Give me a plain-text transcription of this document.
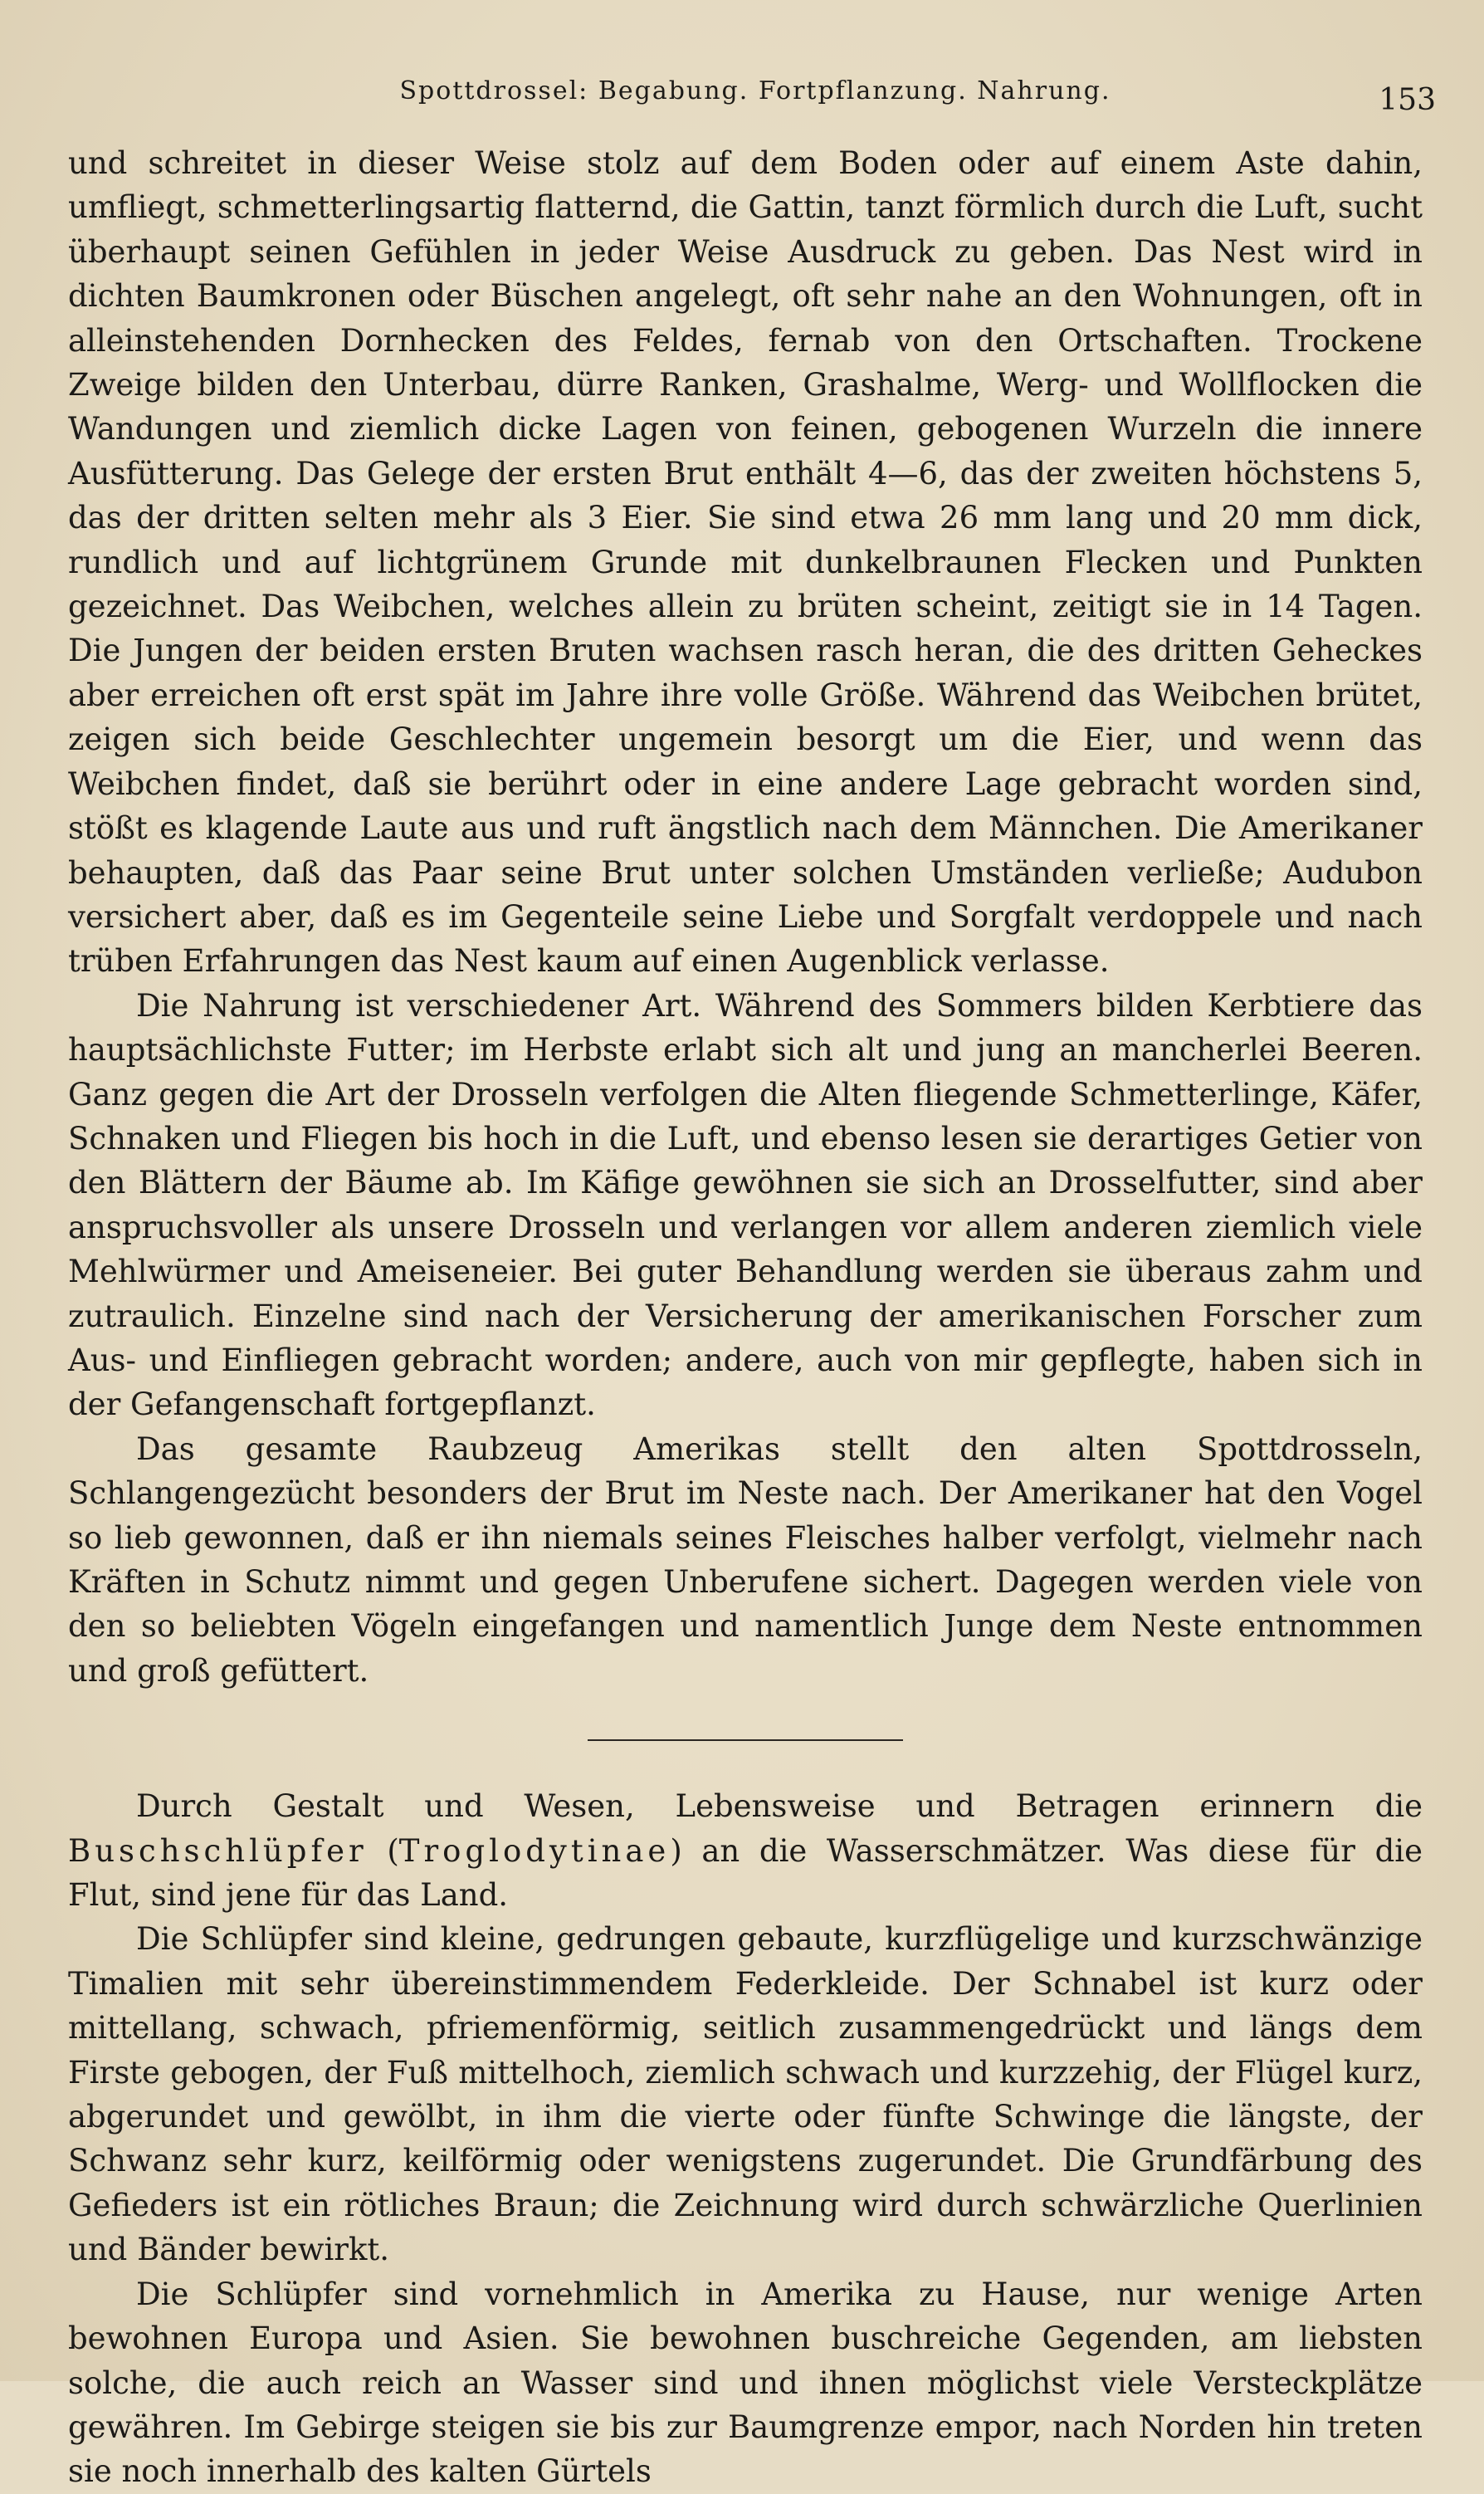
Spottdrossel: Begabung. Fortpflanzung. Nahrung.	153

und schreitet in dieser Weise stolz auf dem Boden oder auf einem Aste dahin, umfliegt, schmetterlingsartig flatternd, die Gattin, tanzt förmlich durch die Luft, sucht überhaupt seinen Gefühlen in jeder Weise Ausdruck zu geben. Das Nest wird in dichten Baumkronen oder Büschen angelegt, oft sehr nahe an den Wohnungen, oft in alleinstehenden Dornhecken des Feldes, fernab von den Ortschaften. Trockene Zweige bilden den Unterbau, dürre Ranken, Grashalme, Werg- und Wollflocken die Wandungen und ziemlich dicke Lagen von feinen, gebogenen Wurzeln die innere Ausfütterung. Das Gelege der ersten Brut enthält 4—6, das der zweiten höchstens 5, das der dritten selten mehr als 3 Eier. Sie sind etwa 26 mm lang und 20 mm dick, rundlich und auf lichtgrünem Grunde mit dunkelbraunen Flecken und Punkten gezeichnet. Das Weibchen, welches allein zu brüten scheint, zeitigt sie in 14 Tagen. Die Jungen der beiden ersten Bruten wachsen rasch heran, die des dritten Geheckes aber erreichen oft erst spät im Jahre ihre volle Größe. Während das Weibchen brütet, zeigen sich beide Geschlechter ungemein besorgt um die Eier, und wenn das Weibchen findet, daß sie berührt oder in eine andere Lage gebracht worden sind, stößt es klagende Laute aus und ruft ängstlich nach dem Männchen. Die Amerikaner behaupten, daß das Paar seine Brut unter solchen Umständen verließe; Audubon versichert aber, daß es im Gegenteile seine Liebe und Sorgfalt verdoppele und nach trüben Erfahrungen das Nest kaum auf einen Augenblick verlasse.

Die Nahrung ist verschiedener Art. Während des Sommers bilden Kerbtiere das hauptsächlichste Futter; im Herbste erlabt sich alt und jung an mancherlei Beeren. Ganz gegen die Art der Drosseln verfolgen die Alten fliegende Schmetterlinge, Käfer, Schnaken und Fliegen bis hoch in die Luft, und ebenso lesen sie derartiges Getier von den Blättern der Bäume ab. Im Käfige gewöhnen sie sich an Drosselfutter, sind aber anspruchsvoller als unsere Drosseln und verlangen vor allem anderen ziemlich viele Mehlwürmer und Ameiseneier. Bei guter Behandlung werden sie überaus zahm und zutraulich. Einzelne sind nach der Versicherung der amerikanischen Forscher zum Aus- und Einfliegen gebracht worden; andere, auch von mir gepflegte, haben sich in der Gefangenschaft fortgepflanzt.

Das gesamte Raubzeug Amerikas stellt den alten Spottdrosseln, Schlangengezücht besonders der Brut im Neste nach. Der Amerikaner hat den Vogel so lieb gewonnen, daß er ihn niemals seines Fleisches halber verfolgt, vielmehr nach Kräften in Schutz nimmt und gegen Unberufene sichert. Dagegen werden viele von den so beliebten Vögeln eingefangen und namentlich Junge dem Neste entnommen und groß gefüttert.

Durch Gestalt und Wesen, Lebensweise und Betragen erinnern die Buschschlüpfer (Troglodytinae) an die Wasserschmätzer. Was diese für die Flut, sind jene für das Land.

Die Schlüpfer sind kleine, gedrungen gebaute, kurzflügelige und kurzschwänzige Timalien mit sehr übereinstimmendem Federkleide. Der Schnabel ist kurz oder mittellang, schwach, pfriemenförmig, seitlich zusammengedrückt und längs dem Firste gebogen, der Fuß mittelhoch, ziemlich schwach und kurzzehig, der Flügel kurz, abgerundet und gewölbt, in ihm die vierte oder fünfte Schwinge die längste, der Schwanz sehr kurz, keilförmig oder wenigstens zugerundet. Die Grundfärbung des Gefieders ist ein rötliches Braun; die Zeichnung wird durch schwärzliche Querlinien und Bänder bewirkt.

Die Schlüpfer sind vornehmlich in Amerika zu Hause, nur wenige Arten bewohnen Europa und Asien. Sie bewohnen buschreiche Gegenden, am liebsten solche, die auch reich an Wasser sind und ihnen möglichst viele Versteckplätze gewähren. Im Gebirge steigen sie bis zur Baumgrenze empor, nach Norden hin treten sie noch innerhalb des kalten Gürtels
